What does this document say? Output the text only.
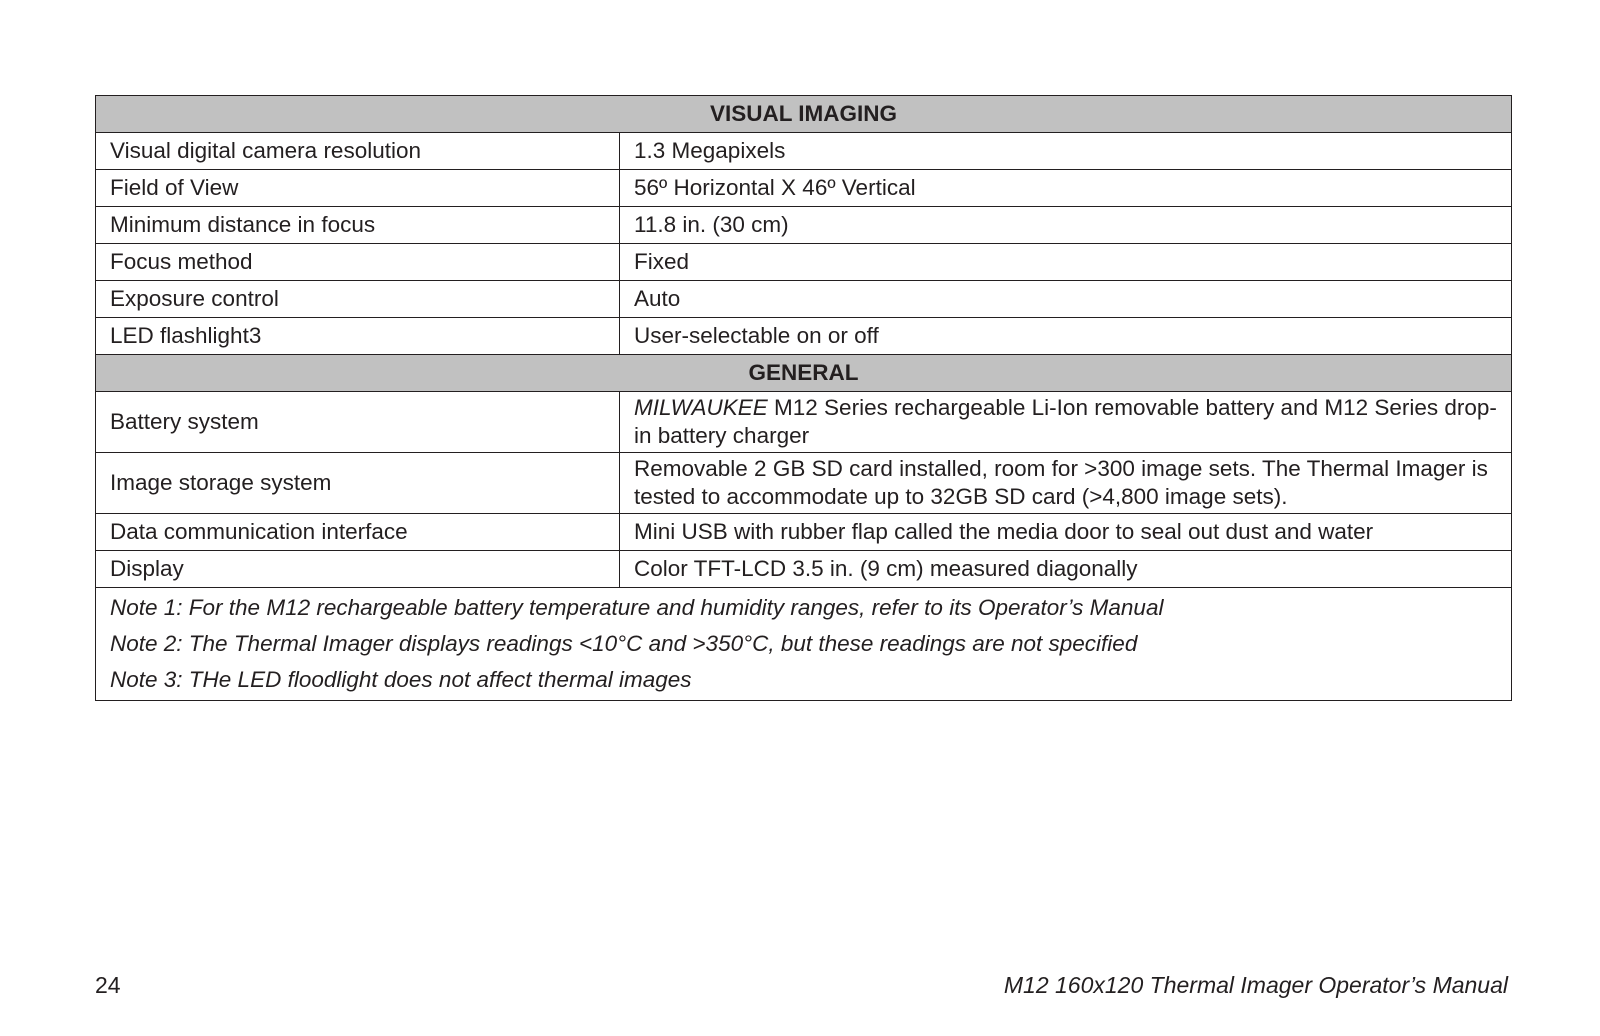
VISUAL IMAGING	
Visual digital camera resolution	1.3 Megapixels
Field of View	56º Horizontal X 46º Vertical
Minimum distance in focus	11.8 in. (30 cm)
Focus method	Fixed
Exposure control	Auto
LED flashlight3	User-selectable on or off
GENERAL	
Battery system	MILWAUKEE M12 Series rechargeable Li-Ion removable battery and M12 Series drop-in battery charger
Image storage system	Removable 2 GB SD card installed, room for >300 image sets. The Thermal Imager is tested to accommodate up to 32GB SD card (>4,800 image sets).
Data communication interface	Mini USB with rubber flap called the media door to seal out dust and water
Display	Color TFT-LCD 3.5 in. (9 cm) measured diagonally

Note 1: For the M12 rechargeable battery temperature and humidity ranges, refer to its Operator’s Manual
Note 2: The Thermal Imager displays readings <10°C and >350°C, but these readings are not specified
Note 3: THe LED floodlight does not affect thermal images	
24	M12 160x120 Thermal Imager Operator’s Manual
